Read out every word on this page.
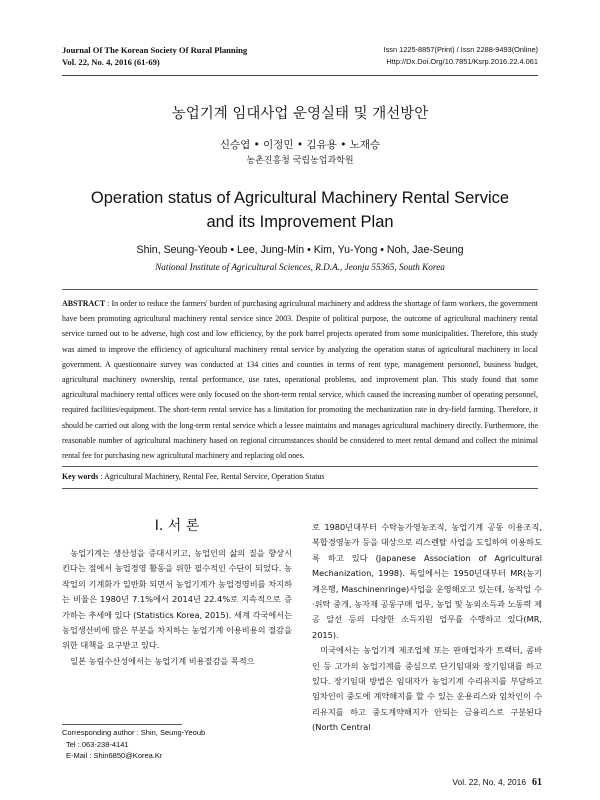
Journal Of The Korean Society Of Rural Planning
Vol. 22, No. 4, 2016 (61-69)
Issn 1225-8857(Print) / Issn 2288-9493(Online)
Http://Dx.Doi.Org/10.7851/Ksrp.2016.22.4.061
농업기계 임대사업 운영실태 및 개선방안
신승엽 • 이정민 • 김유용 • 노재승
농촌진흥청 국립농업과학원
Operation status of Agricultural Machinery Rental Service
and its Improvement Plan
Shin, Seung-Yeoub • Lee, Jung-Min • Kim, Yu-Yong • Noh, Jae-Seung
National Institute of Agricultural Sciences, R.D.A., Jeonju 55365, South Korea
ABSTRACT : In order to reduce the farmers' burden of purchasing agricultural machinery and address the shortage of farm workers, the government have been promoting agricultural machinery rental service since 2003. Despite of political purpose, the outcome of agricultural machinery rental service turned out to be adverse, high cost and low efficiency, by the pork barrel projects operated from some municipalities. Therefore, this study was aimed to improve the efficiency of agricultural machinery rental service by analyzing the operation status of agricultural machinery in local government. A questionnaire survey was conducted at 134 cities and counties in terms of rent type, management personnel, business budget, agricultural machinery ownership, rental performance, use rates, operational problems, and improvement plan. This study found that some agricultural machinery rental offices were only focused on the short-term rental service, which caused the increasing number of operating personnel, required facilities/equipment. The short-term rental service has a limitation for promoting the mechanization rate in dry-field farming. Therefore, it should be carried out along with the long-term rental service which a lessee maintains and manages agricultural machinery directly. Furthermore, the reasonable number of agricultural machinery based on regional circumstances should be considered to meet rental demand and collect the minimal rental fee for purchasing new agricultural machinery and replacing old ones.
Key words : Agricultural Machinery, Rental Fee, Rental Service, Operation Status
Ⅰ. 서 론

농업기계는 생산성을 증대시키고, 농업인의 삶의 질을 향상시킨다는 점에서 농업경영 활동을 위한 필수적인 수단이 되었다. 농작업의 기계화가 일반화 되면서 농업기계가 농업경영비를 차지하는 비율은 1980년 7.1%에서 2014년 22.4%로 지속적으로 증가하는 추세에 있다 (Statistics Korea, 2015). 세계 각국에서는 농업생산비에 많은 부분을 차지하는 농업기계 이용비용의 절감을 위한 대책을 요구받고 있다.

일본 농림수산성에서는 농업기계 비용절감을 목적으

로 1980년대부터 수탁농가영농조직, 농업기계 공동 이용조직, 복합경영농가 등을 대상으로 리스렌탈 사업을 도입하여 이용하도록 하고 있다 (Japanese Association of Agricultural Mechanization, 1998). 독일에서는 1950년대부터 MR(농기계은행, Maschinenringe)사업을 운영해오고 있는데, 농작업 수·위탁 중개, 농자재 공동구매 업무, 농업 및 농외소득과 노동력 제공 알선 등의 다양한 소득지원 업무를 수행하고 있다(MR, 2015).

미국에서는 농업기계 제조업체 또는 판매업자가 트랙터, 콤바인 등 고가의 농업기계를 중심으로 단기임대와 장기임대를 하고 있다. 장기임대 방법은 임대자가 농업기계 수리유지를 부담하고 임차인이 중도에 계약해지를 할 수 있는 운용리스와 임차인이 수리유지를 하고 중도계약해지가 안되는 금융리스로 구분된다 (North Central

Corresponding author : Shin, Seung-Yeoub
Tel : 063-238-4141
E-Mail : Shin6850@Korea.Kr
Vol. 22, No. 4, 2016 61
